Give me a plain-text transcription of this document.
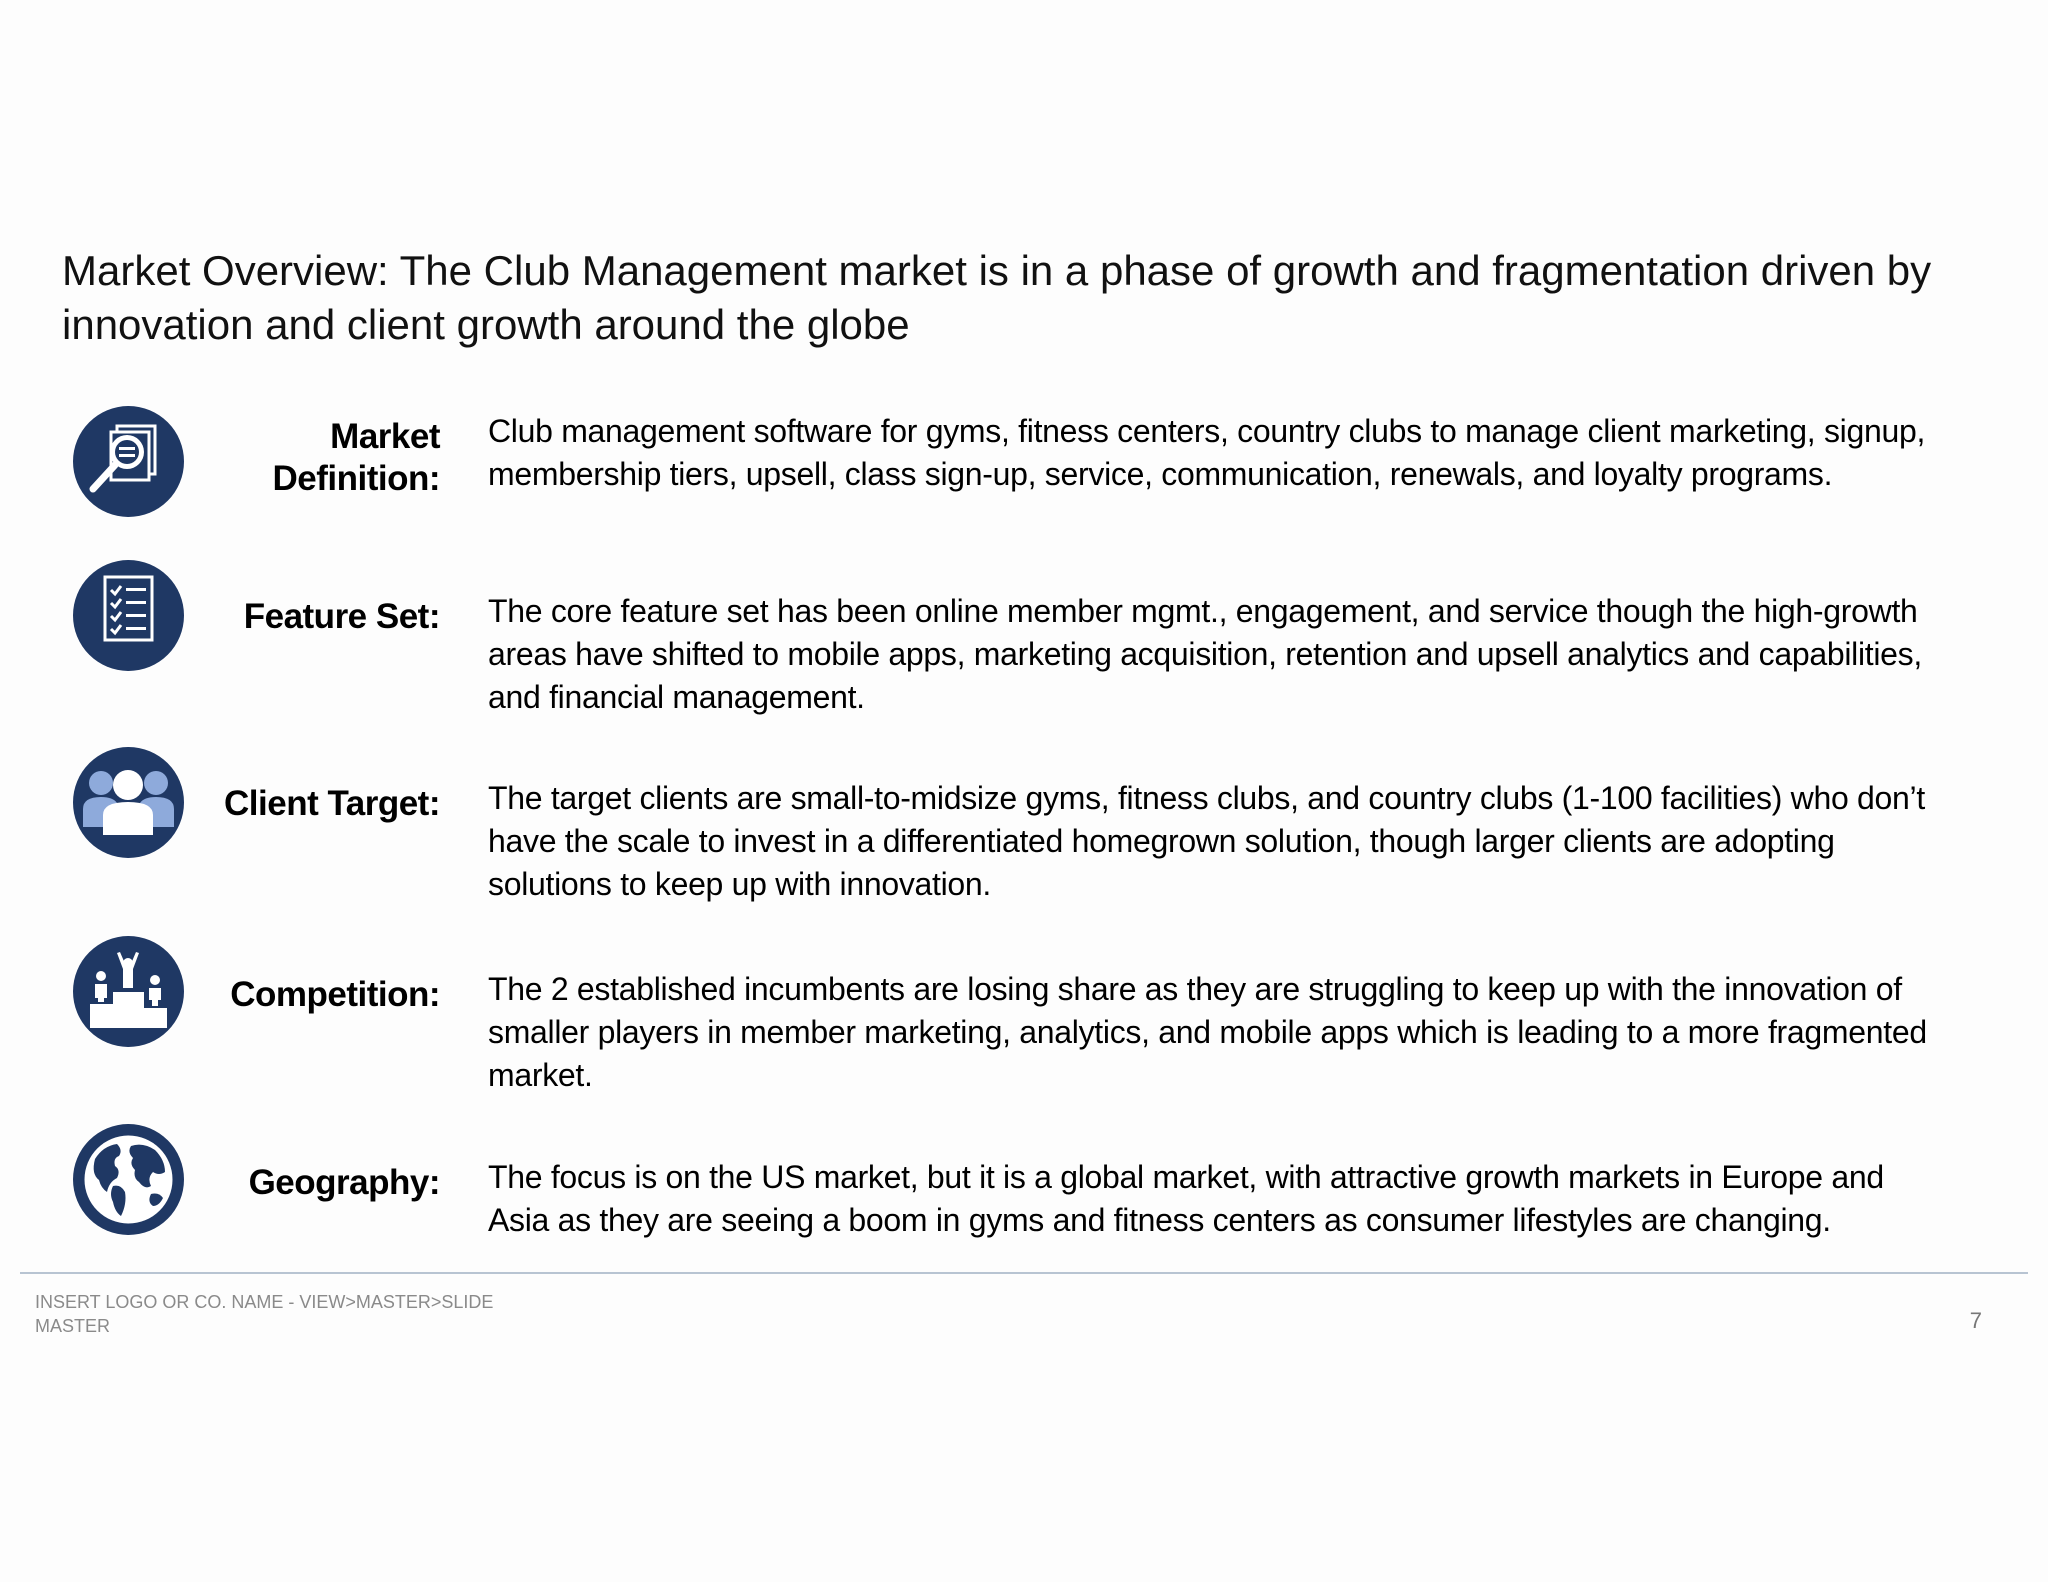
Market Overview: The Club Management market is in a phase of growth and fragmentation driven by innovation and client growth around the globe
Market Definition:
Club management software for gyms, fitness centers, country clubs to manage client marketing, signup, membership tiers, upsell, class sign-up, service, communication, renewals, and loyalty programs.
Feature Set: The core feature set has been online member mgmt., engagement, and service though the high-growth areas have shifted to mobile apps, marketing acquisition, retention and upsell analytics and capabilities, and financial management.
Client Target: The target clients are small-to-midsize gyms, fitness clubs, and country clubs (1-100 facilities) who don’t have the scale to invest in a differentiated homegrown solution, though larger clients are adopting solutions to keep up with innovation.
Competition: The 2 established incumbents are losing share as they are struggling to keep up with the innovation of smaller players in member marketing, analytics, and mobile apps which is leading to a more fragmented market.
Geography: The focus is on the US market, but it is a global market, with attractive growth markets in Europe and Asia as they are seeing a boom in gyms and fitness centers as consumer lifestyles are changing.
INSERT LOGO OR CO. NAME - VIEW>MASTER>SLIDE MASTER	7
